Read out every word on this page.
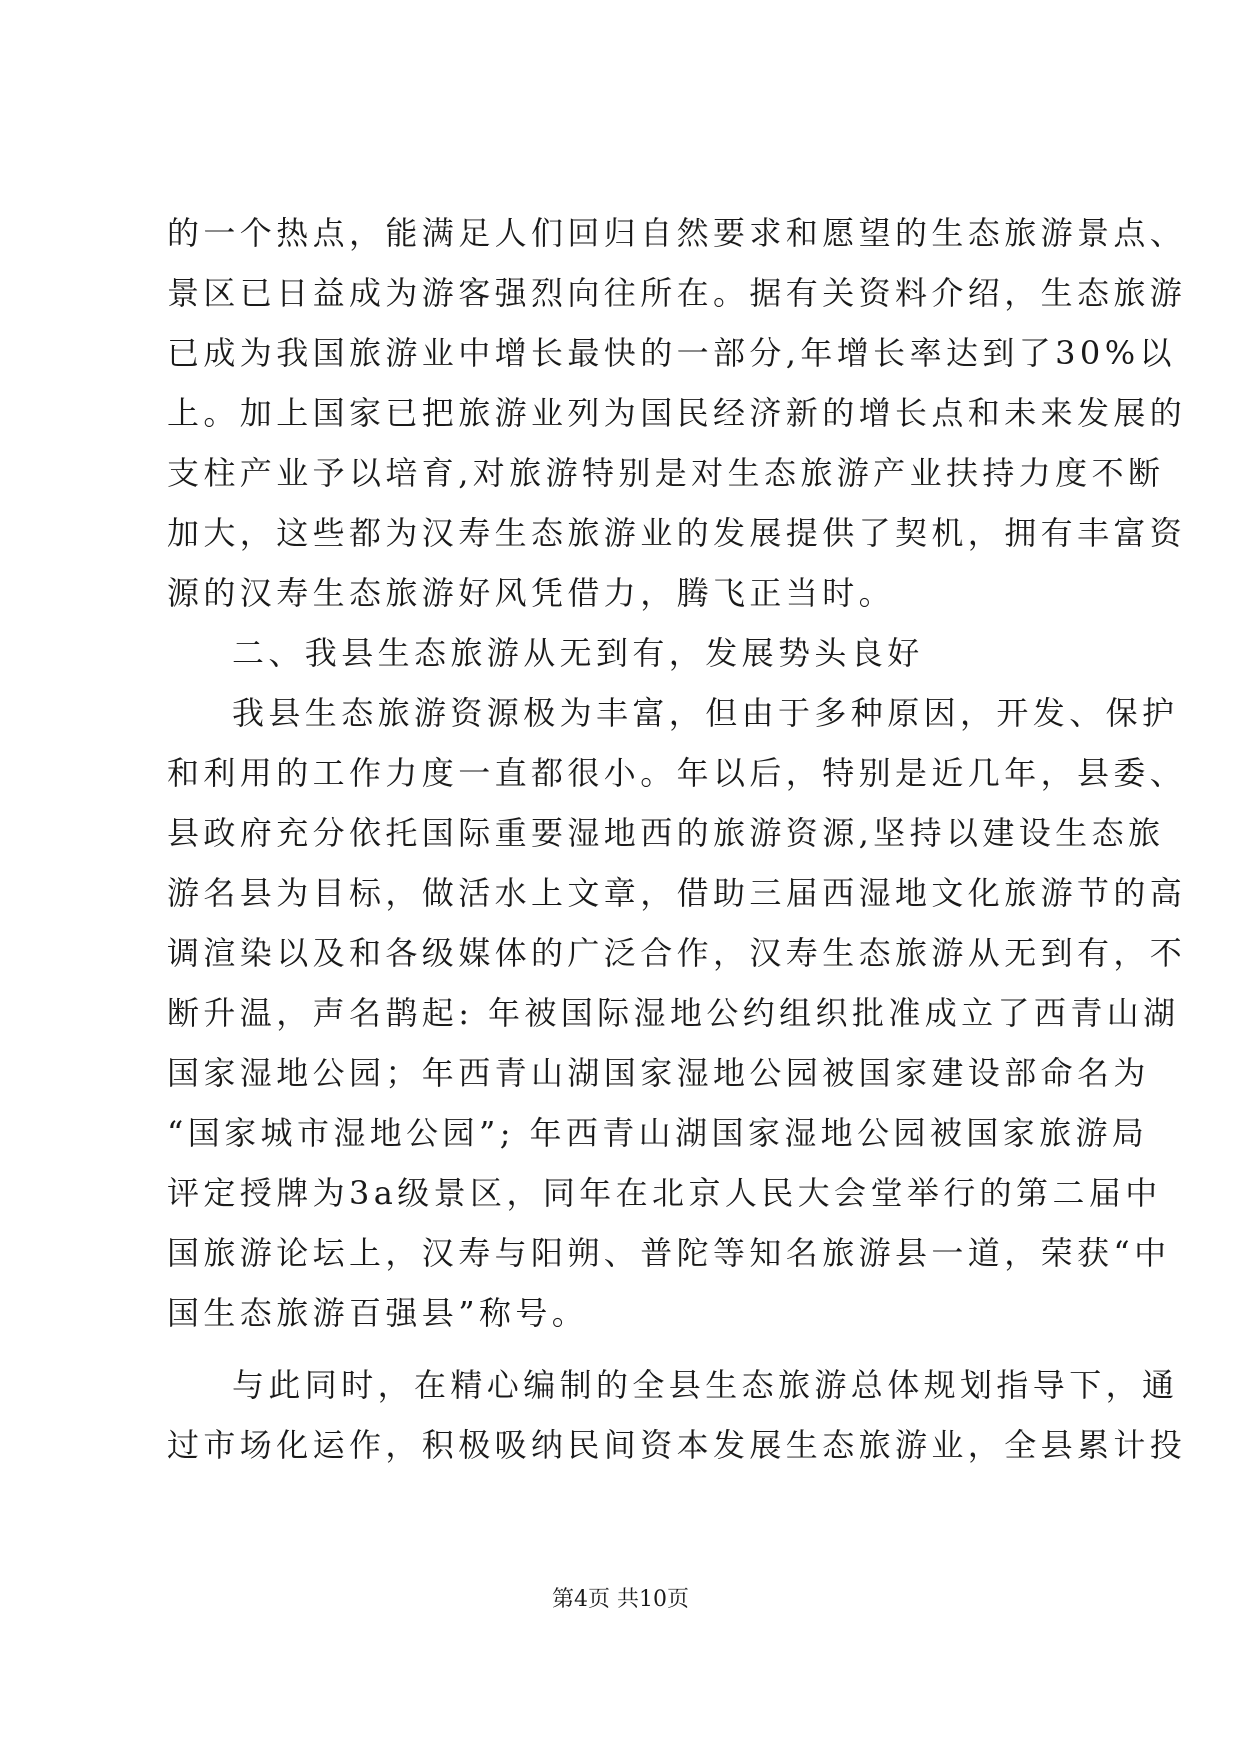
的一个热点，能满足人们回归自然要求和愿望的生态旅游景点、
景区已日益成为游客强烈向往所在。据有关资料介绍，生态旅游
已成为我国旅游业中增长最快的一部分,年增长率达到了30%以
上。加上国家已把旅游业列为国民经济新的增长点和未来发展的
支柱产业予以培育,对旅游特别是对生态旅游产业扶持力度不断
加大，这些都为汉寿生态旅游业的发展提供了契机，拥有丰富资
源的汉寿生态旅游好风凭借力，腾飞正当时。
二、我县生态旅游从无到有，发展势头良好
我县生态旅游资源极为丰富，但由于多种原因，开发、保护
和利用的工作力度一直都很小。年以后，特别是近几年，县委、
县政府充分依托国际重要湿地西的旅游资源,坚持以建设生态旅
游名县为目标，做活水上文章，借助三届西湿地文化旅游节的高
调渲染以及和各级媒体的广泛合作，汉寿生态旅游从无到有，不
断升温，声名鹊起: 年被国际湿地公约组织批准成立了西青山湖
国家湿地公园；年西青山湖国家湿地公园被国家建设部命名为
“国家城市湿地公园”; 年西青山湖国家湿地公园被国家旅游局
评定授牌为3a级景区，同年在北京人民大会堂举行的第二届中
国旅游论坛上，汉寿与阳朔、普陀等知名旅游县一道，荣获“中
国生态旅游百强县”称号。
与此同时，在精心编制的全县生态旅游总体规划指导下，通
过市场化运作，积极吸纳民间资本发展生态旅游业，全县累计投
第4页 共10页
